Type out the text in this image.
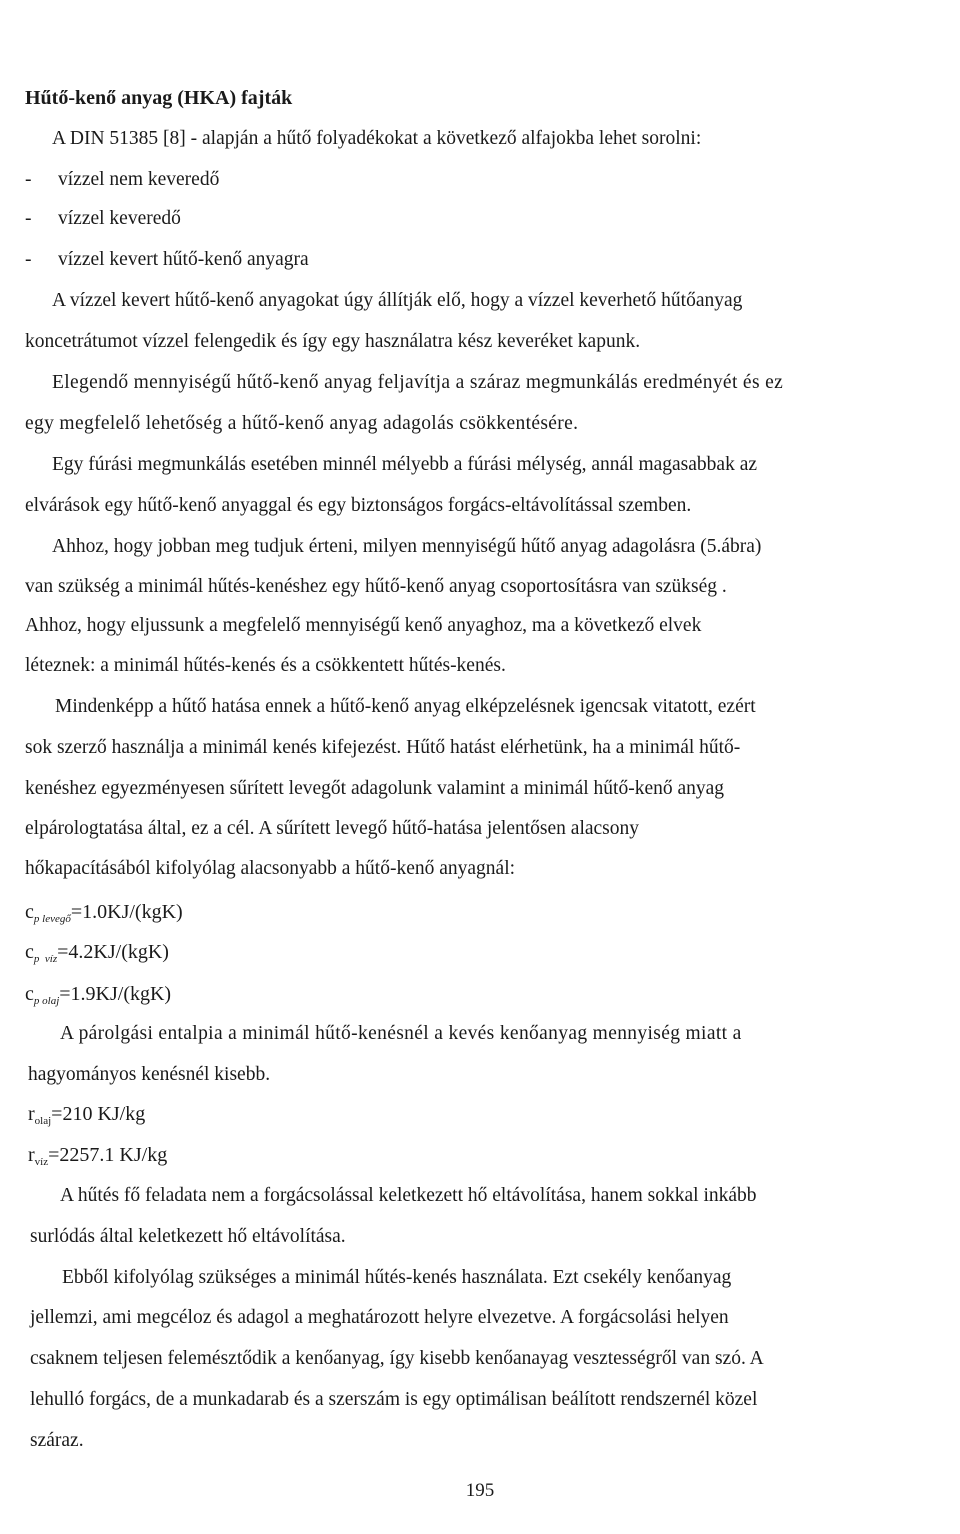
Hűtő-kenő anyag (HKA) fajták
A DIN 51385 [8] - alapján a hűtő folyadékokat a következő alfajokba lehet sorolni:
- vízzel nem keveredő
- vízzel keveredő
- vízzel kevert hűtő-kenő anyagra
A vízzel kevert hűtő-kenő anyagokat úgy állítják elő, hogy a vízzel keverhető hűtőanyag
koncetrátumot vízzel felengedik és így egy használatra kész keveréket kapunk.
Elegendő mennyiségű hűtő-kenő anyag feljavítja a száraz megmunkálás eredményét és ez
egy megfelelő lehetőség a hűtő-kenő anyag adagolás csökkentésére.
Egy fúrási megmunkálás esetében minnél mélyebb a fúrási mélység, annál magasabbak az
elvárások egy hűtő-kenő anyaggal és egy biztonságos forgács-eltávolítással szemben.
Ahhoz, hogy jobban meg tudjuk érteni, milyen mennyiségű hűtő anyag adagolásra (5.ábra)
van szükség a minimál hűtés-kenéshez egy hűtő-kenő anyag csoportosításra van szükség .
Ahhoz, hogy eljussunk a megfelelő mennyiségű kenő anyaghoz, ma a következő elvek
léteznek: a minimál hűtés-kenés és a csökkentett hűtés-kenés.
Mindenképp a hűtő hatása ennek a hűtő-kenő anyag elképzelésnek igencsak vitatott, ezért
sok szerző használja a minimál kenés kifejezést. Hűtő hatást elérhetünk, ha a minimál hűtő-
kenéshez egyezményesen sűrített levegőt adagolunk valamint a minimál hűtő-kenő anyag
elpárologtatása által, ez a cél. A sűrített levegő hűtő-hatása jelentősen alacsony
hőkapacításából kifolyólag alacsonyabb a hűtő-kenő anyagnál:
$c_{p levegő}=1.0KJ/(kgK)$
$c_{p víz}=4.2KJ/(kgK)$
$c_{p olaj}=1.9KJ/(kgK)$
A párolgási entalpia a minimál hűtő-kenésnél a kevés kenőanyag mennyiség miatt a
hagyományos kenésnél kisebb.
$r_{olaj}=210$ KJ/kg
$r_{víz}=2257.1$ KJ/kg
A hűtés fő feladata nem a forgácsolással keletkezett hő eltávolítása, hanem sokkal inkább
surlódás által keletkezett hő eltávolítása.
Ebből kifolyólag szükséges a minimál hűtés-kenés használata. Ezt csekély kenőanyag
jellemzi, ami megcéloz és adagol a meghatározott helyre elvezetve. A forgácsolási helyen
csaknem teljesen felemésztődik a kenőanyag, így kisebb kenőanayag vesztességről van szó. A
lehulló forgács, de a munkadarab és a szerszám is egy optimálisan beálított rendszernél közel
száraz.
195
